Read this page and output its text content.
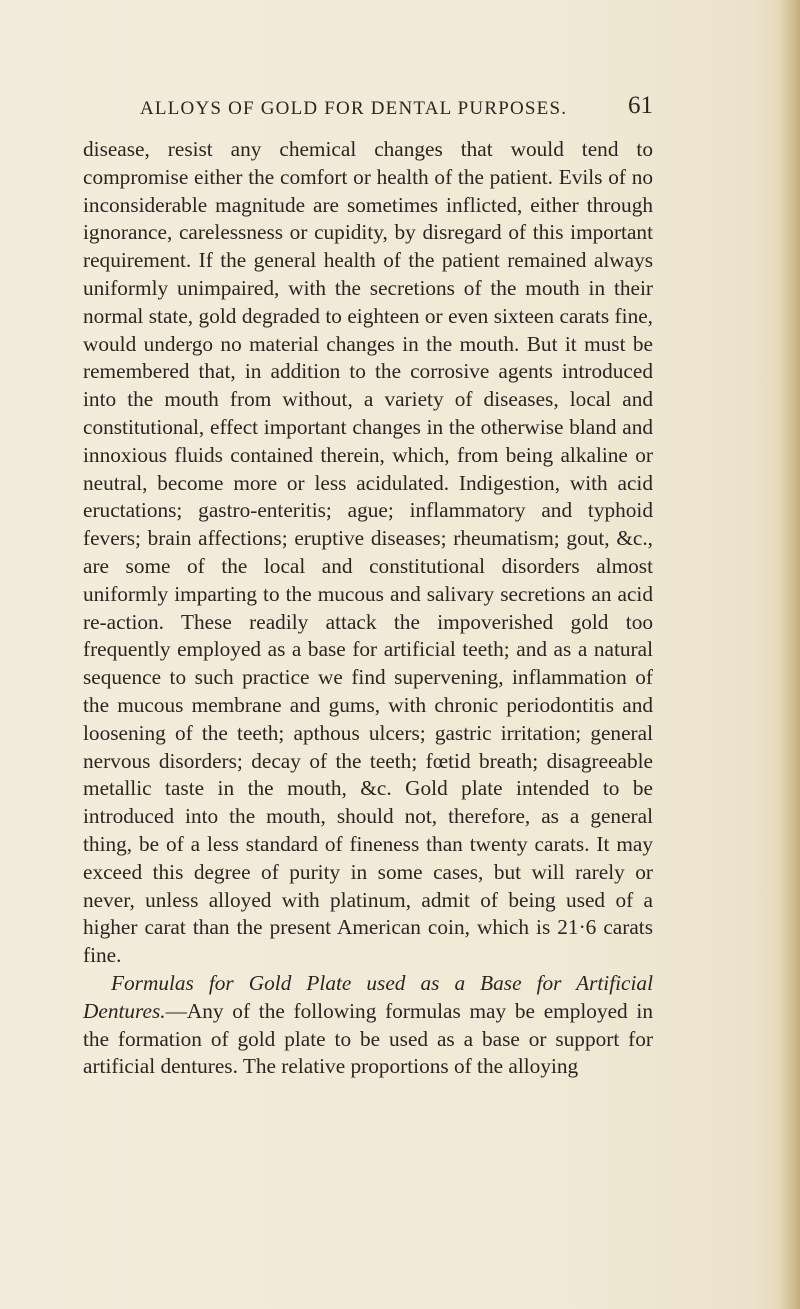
ALLOYS OF GOLD FOR DENTAL PURPOSES.	61

disease, resist any chemical changes that would tend to compromise either the comfort or health of the patient. Evils of no inconsiderable magnitude are sometimes inflicted, either through ignorance, carelessness or cupidity, by disregard of this important requirement. If the general health of the patient remained always uniformly unimpaired, with the secretions of the mouth in their normal state, gold degraded to eighteen or even sixteen carats fine, would undergo no material changes in the mouth. But it must be remembered that, in addition to the corrosive agents introduced into the mouth from without, a variety of diseases, local and constitutional, effect important changes in the otherwise bland and innoxious fluids contained therein, which, from being alkaline or neutral, become more or less acidulated. Indigestion, with acid eructations; gastro-enteritis; ague; inflammatory and typhoid fevers; brain affections; eruptive diseases; rheumatism; gout, &c., are some of the local and constitutional disorders almost uniformly imparting to the mucous and salivary secretions an acid re-action. These readily attack the impoverished gold too frequently employed as a base for artificial teeth; and as a natural sequence to such practice we find supervening, inflammation of the mucous membrane and gums, with chronic periodontitis and loosening of the teeth; apthous ulcers; gastric irritation; general nervous disorders; decay of the teeth; fœtid breath; disagreeable metallic taste in the mouth, &c. Gold plate intended to be introduced into the mouth, should not, therefore, as a general thing, be of a less standard of fineness than twenty carats. It may exceed this degree of purity in some cases, but will rarely or never, unless alloyed with platinum, admit of being used of a higher carat than the present American coin, which is 21·6 carats fine.

Formulas for Gold Plate used as a Base for Artificial Dentures.—Any of the following formulas may be employed in the formation of gold plate to be used as a base or support for artificial dentures. The relative proportions of the alloying
